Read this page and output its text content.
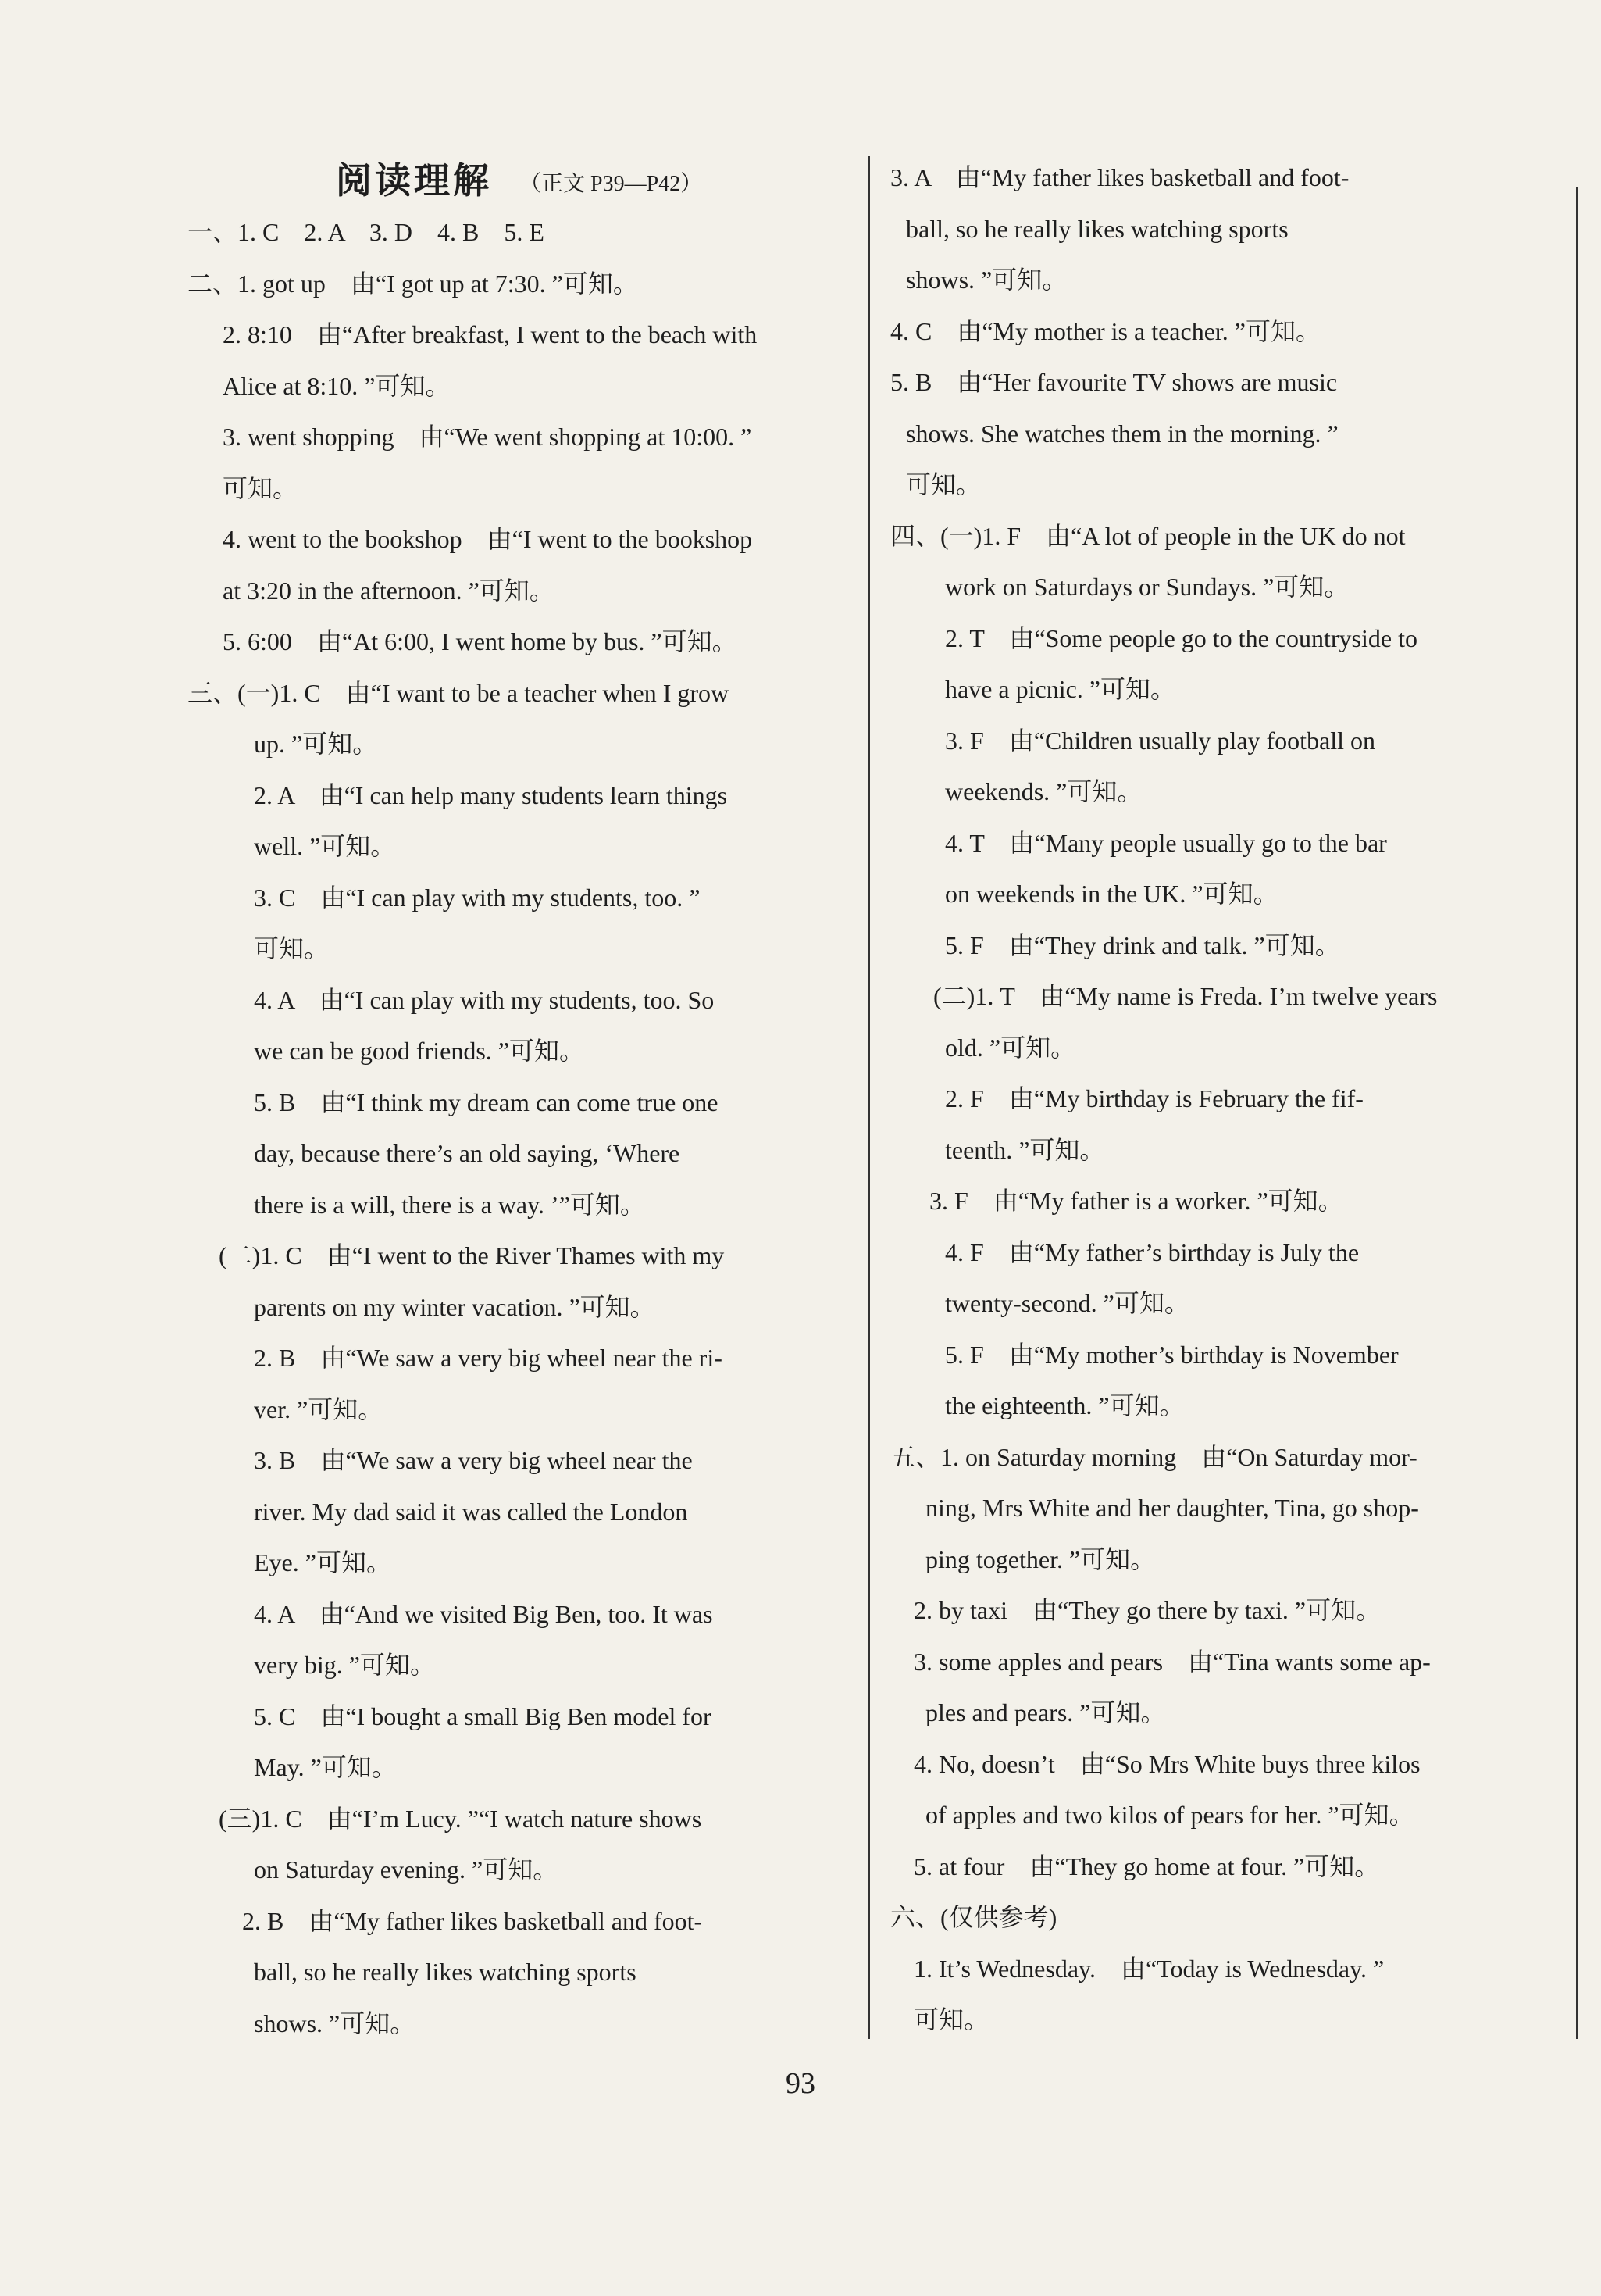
阅读理解 （正文 P39—P42）
一、1. C　2. A　3. D　4. B　5. E
二、1. got up　由“I got up at 7:30. ”可知。
2. 8:10　由“After breakfast, I went to the beach with
Alice at 8:10. ”可知。
3. went shopping　由“We went shopping at 10:00. ”
可知。
4. went to the bookshop　由“I went to the bookshop
at 3:20 in the afternoon. ”可知。
5. 6:00　由“At 6:00, I went home by bus. ”可知。
三、(一)1. C　由“I want to be a teacher when I grow
up. ”可知。
2. A　由“I can help many students learn things
well. ”可知。
3. C　由“I can play with my students, too. ”
可知。
4. A　由“I can play with my students, too. So
we can be good friends. ”可知。
5. B　由“I think my dream can come true one
day, because there’s an old saying, ‘Where
there is a will, there is a way. ’”可知。
(二)1. C　由“I went to the River Thames with my
parents on my winter vacation. ”可知。
2. B　由“We saw a very big wheel near the ri-
ver. ”可知。
3. B　由“We saw a very big wheel near the
river. My dad said it was called the London
Eye. ”可知。
4. A　由“And we visited Big Ben, too. It was
very big. ”可知。
5. C　由“I bought a small Big Ben model for
May. ”可知。
(三)1. C　由“I’m Lucy. ”“I watch nature shows
on Saturday evening. ”可知。
2. B　由“My father likes basketball and foot-
ball, so he really likes watching sports
shows. ”可知。
3. A　由“My father likes basketball and foot-
ball, so he really likes watching sports
shows. ”可知。
4. C　由“My mother is a teacher. ”可知。
5. B　由“Her favourite TV shows are music
shows. She watches them in the morning. ”
可知。
四、(一)1. F　由“A lot of people in the UK do not
work on Saturdays or Sundays. ”可知。
2. T　由“Some people go to the countryside to
have a picnic. ”可知。
3. F　由“Children usually play football on
weekends. ”可知。
4. T　由“Many people usually go to the bar
on weekends in the UK. ”可知。
5. F　由“They drink and talk. ”可知。
(二)1. T　由“My name is Freda. I’m twelve years
old. ”可知。
2. F　由“My birthday is February the fif-
teenth. ”可知。
3. F　由“My father is a worker. ”可知。
4. F　由“My father’s birthday is July the
twenty-second. ”可知。
5. F　由“My mother’s birthday is November
the eighteenth. ”可知。
五、1. on Saturday morning　由“On Saturday mor-
ning, Mrs White and her daughter, Tina, go shop-
ping together. ”可知。
2. by taxi　由“They go there by taxi. ”可知。
3. some apples and pears　由“Tina wants some ap-
ples and pears. ”可知。
4. No, doesn’t　由“So Mrs White buys three kilos
of apples and two kilos of pears for her. ”可知。
5. at four　由“They go home at four. ”可知。
六、(仅供参考)
1. It’s Wednesday.　由“Today is Wednesday. ”
可知。
93
